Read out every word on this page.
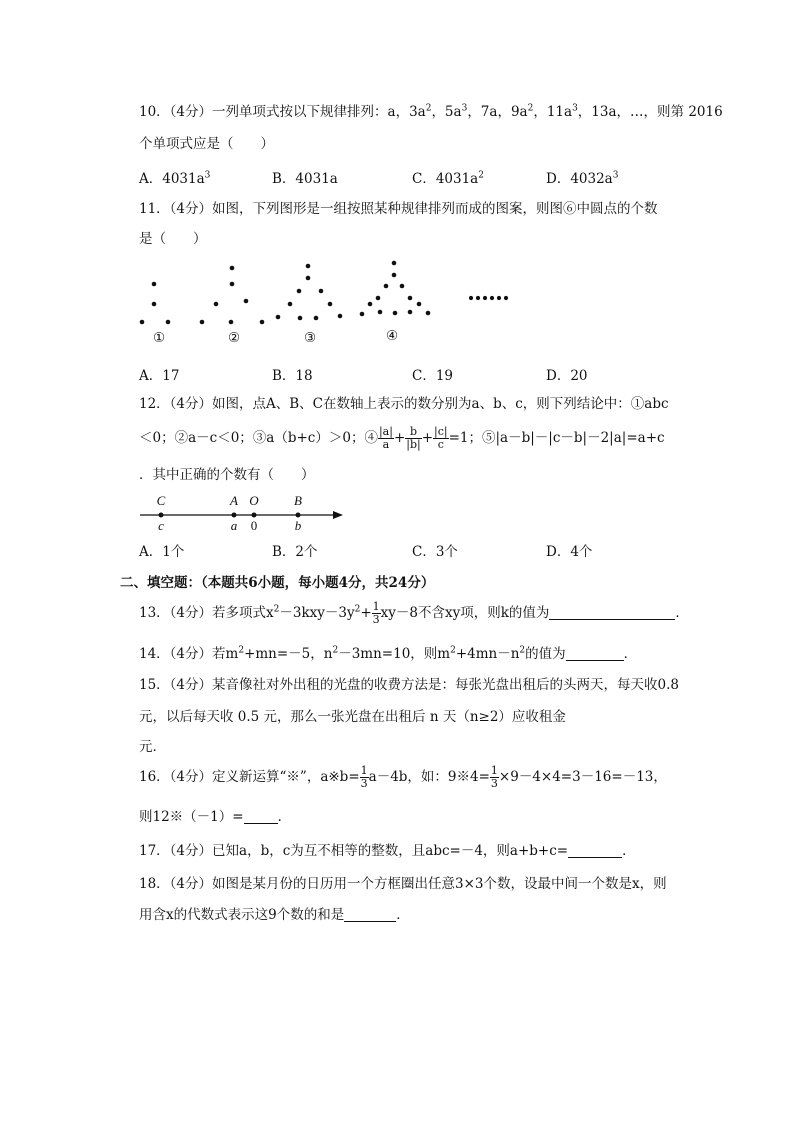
10．（4分）一列单项式按以下规律排列：a，$3a^2$，$5a^3$，7a，$9a^2$，$11a^3$，13a，…，则第 2016
个单项式应是（　　）
A．$4031a^3$	B．4031a	C．$4031a^2$	D．$4032a^3$
11．（4分）如图，下列图形是一组按照某种规律排列而成的图案，则图⑥中圆点的个数
是（　　）
①	②	③	④
A．17	B．18	C．19	D．20
12．（4分）如图，点A、B、C在数轴上表示的数分别为a、b、c，则下列结论中：①abc
＜0；②a－c＜0；③a（b+c）＞0；④ $\frac{|a|}{a} + \frac{b}{|b|} + \frac{|c|}{c} =1$；⑤|a－b|－|c－b|－2|a|=a+c
．其中正确的个数有（　　）
C	A O	B
c	a 0	b
A．1个	B．2个	C．3个	D．4个
二、填空题：（本题共6小题，每小题4分，共24分）
13．（4分）若多项式$x^2-3kxy-3y^2+ \frac{1}{3} xy-8$不含xy项，则k的值为	．
14．（4分）若$m^2+mn=-5$，$n^2-3mn=10$，则$m^2+4mn-n^2$的值为	．
15．（4分）某音像社对外出租的光盘的收费方法是：每张光盘出租后的头两天，每天收0.8
元，以后每天收 0.5 元，那么一张光盘在出租后 n 天（n≥2）应收租金
元．
16．（4分）定义新运算“※”，a※b= $\frac{1}{3} a-4b$，如：9※4= $\frac{1}{3} \times 9-4\times 4=3-16=-13$，
则12※（－1）=	．
17．（4分）已知a，b，c为互不相等的整数，且abc=－4，则a+b+c=	．
18．（4分）如图是某月份的日历用一个方框圈出任意3×3个数，设最中间一个数是x，则
用含x的代数式表示这9个数的和是	．
